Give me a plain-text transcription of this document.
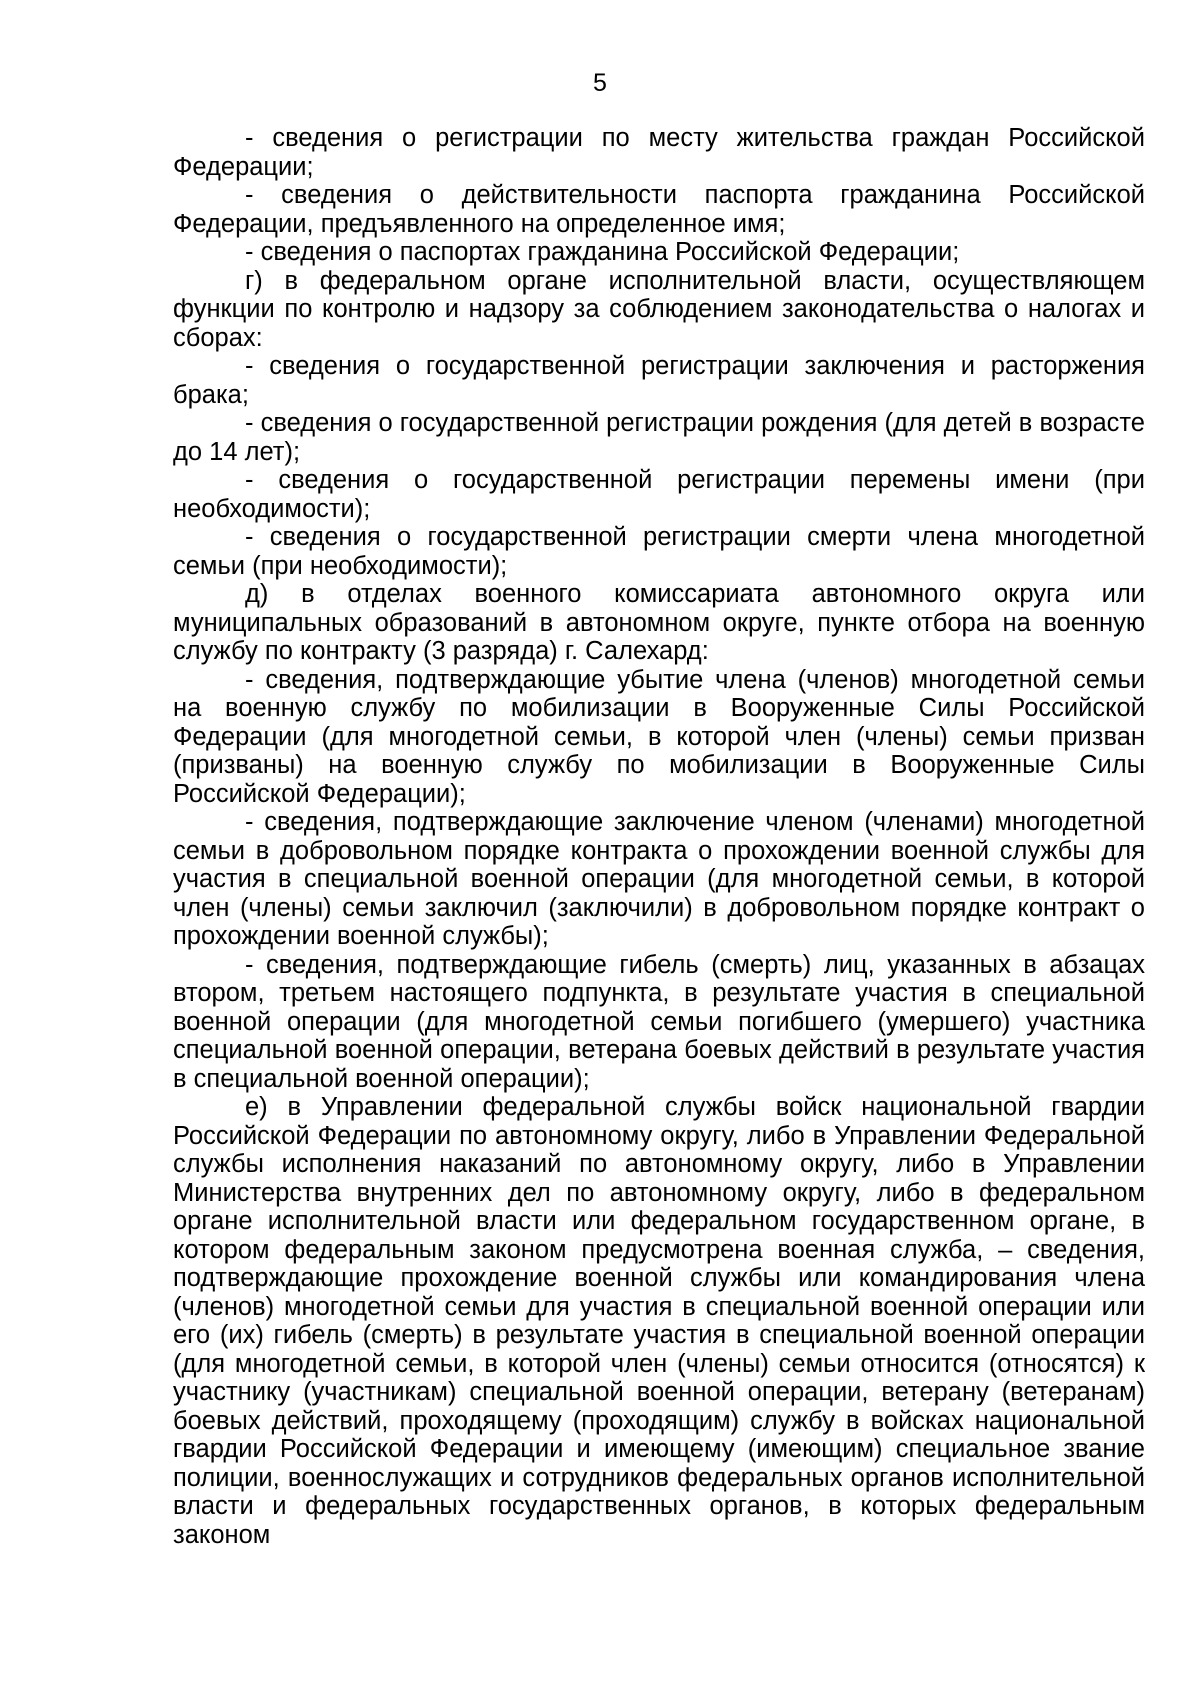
5

- сведения о регистрации по месту жительства граждан Российской Федерации;

- сведения о действительности паспорта гражданина Российской Федерации, предъявленного на определенное имя;

- сведения о паспортах гражданина Российской Федерации;

г) в федеральном органе исполнительной власти, осуществляющем функции по контролю и надзору за соблюдением законодательства о налогах и сборах:

- сведения о государственной регистрации заключения и расторжения брака;

- сведения о государственной регистрации рождения (для детей в возрасте до 14 лет);

- сведения о государственной регистрации перемены имени (при необходимости);

- сведения о государственной регистрации смерти члена многодетной семьи (при необходимости);

д) в отделах военного комиссариата автономного округа или муниципальных образований в автономном округе, пункте отбора на военную службу по контракту (3 разряда) г. Салехард:

- сведения, подтверждающие убытие члена (членов) многодетной семьи на военную службу по мобилизации в Вооруженные Силы Российской Федерации (для многодетной семьи, в которой член (члены) семьи призван (призваны) на военную службу по мобилизации в Вооруженные Силы Российской Федерации);

- сведения, подтверждающие заключение членом (членами) многодетной семьи в добровольном порядке контракта о прохождении военной службы для участия в специальной военной операции (для многодетной семьи, в которой член (члены) семьи заключил (заключили) в добровольном порядке контракт о прохождении военной службы);

- сведения, подтверждающие гибель (смерть) лиц, указанных в абзацах втором, третьем настоящего подпункта, в результате участия в специальной военной операции (для многодетной семьи погибшего (умершего) участника специальной военной операции, ветерана боевых действий в результате участия в специальной военной операции);

е) в Управлении федеральной службы войск национальной гвардии Российской Федерации по автономному округу, либо в Управлении Федеральной службы исполнения наказаний по автономному округу, либо в Управлении Министерства внутренних дел по автономному округу, либо в федеральном органе исполнительной власти или федеральном государственном органе, в котором федеральным законом предусмотрена военная служба, – сведения, подтверждающие прохождение военной службы или командирования члена (членов) многодетной семьи для участия в специальной военной операции или его (их) гибель (смерть) в результате участия в специальной военной операции (для многодетной семьи, в которой член (члены) семьи относится (относятся) к участнику (участникам) специальной военной операции, ветерану (ветеранам) боевых действий, проходящему (проходящим) службу в войсках национальной гвардии Российской Федерации и имеющему (имеющим) специальное звание полиции, военнослужащих и сотрудников федеральных органов исполнительной власти и федеральных государственных органов, в которых федеральным законом
